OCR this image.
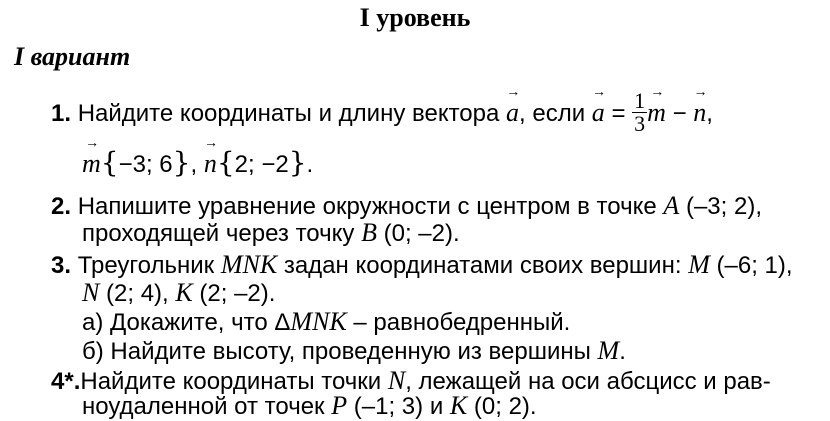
I уровень
I вариант
1. Найдите координаты и длину вектора → a, если → $a = \frac{1}{3}$
→ m − → n,
→ m{−3; 6}, → n{2; −2}.
2. Напишите уравнение окружности с центром в точке A (–3; 2),
проходящей через точку B (0; –2).
3. Треугольник MNK задан координатами своих вершин: M (–6; 1),
N (2; 4), K (2; –2).
а) Докажите, что ΔMNK – равнобедренный.
б) Найдите высоту, проведенную из вершины M.
4*.Найдите координаты точки N, лежащей на оси абсцисс и рав-
ноудаленной от точек P (–1; 3) и K (0; 2).
